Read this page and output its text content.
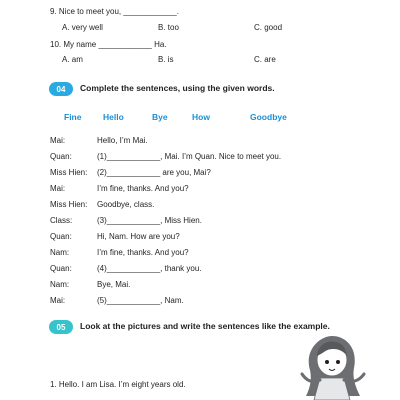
9. Nice to meet you, ____________.
A. very well	B. too	C. good
10. My name ____________ Ha.
A. am	B. is	C. are
04	Complete the sentences, using the given words.
Fine	Hello	Bye	How	Goodbye
Mai:	Hello, I’m Mai.
Quan:	(1)____________, Mai. I’m Quan. Nice to meet you.
Miss Hien: (2)____________ are you, Mai?
Mai:	I’m fine, thanks. And you?
Miss Hien: Goodbye, class.
Class:	(3)____________, Miss Hien.
Quan:	Hi, Nam. How are you?
Nam:	I’m fine, thanks. And you?
Quan:	(4)____________, thank you.
Nam:	Bye, Mai.
Mai:	(5)____________, Nam.
05	Look at the pictures and write the sentences like the example.
1. Hello. I am Lisa. I’m eight years old.
